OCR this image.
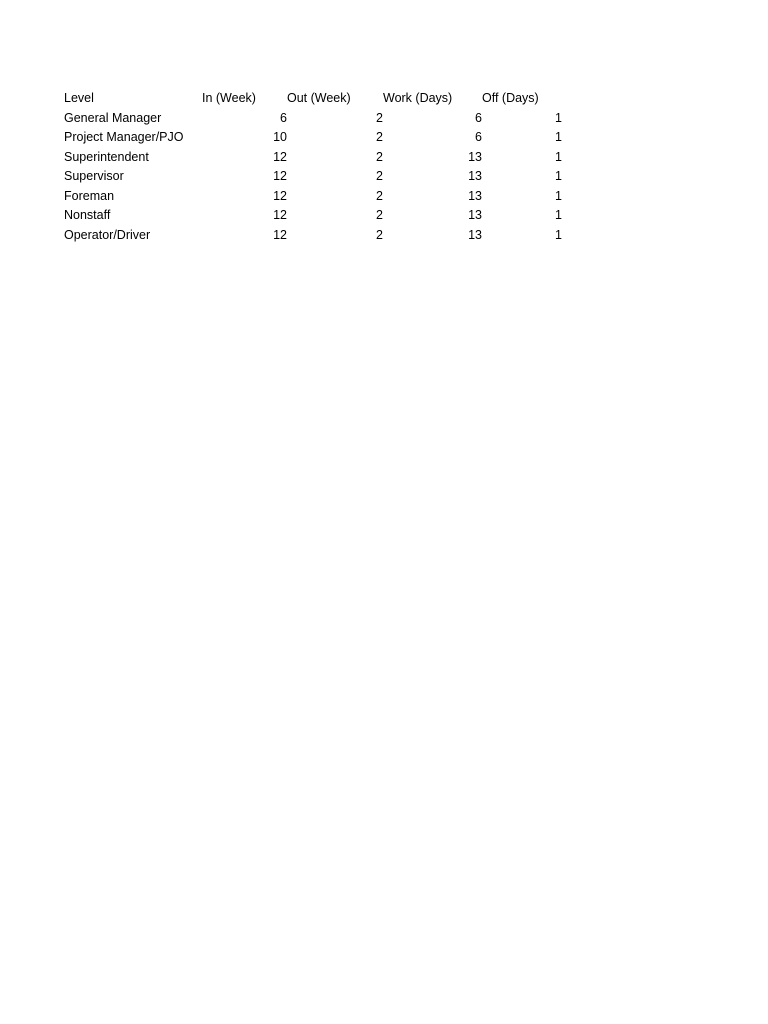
Level	In (Week)	Out (Week)	Work (Days)	Off (Days)	
General Manager	6	2	6	1	
Project Manager/PJO	10	2	6	1	
Superintendent	12	2	13	1	
Supervisor	12	2	13	1	
Foreman	12	2	13	1	
Nonstaff	12	2	13	1	
Operator/Driver	12	2	13	1	
